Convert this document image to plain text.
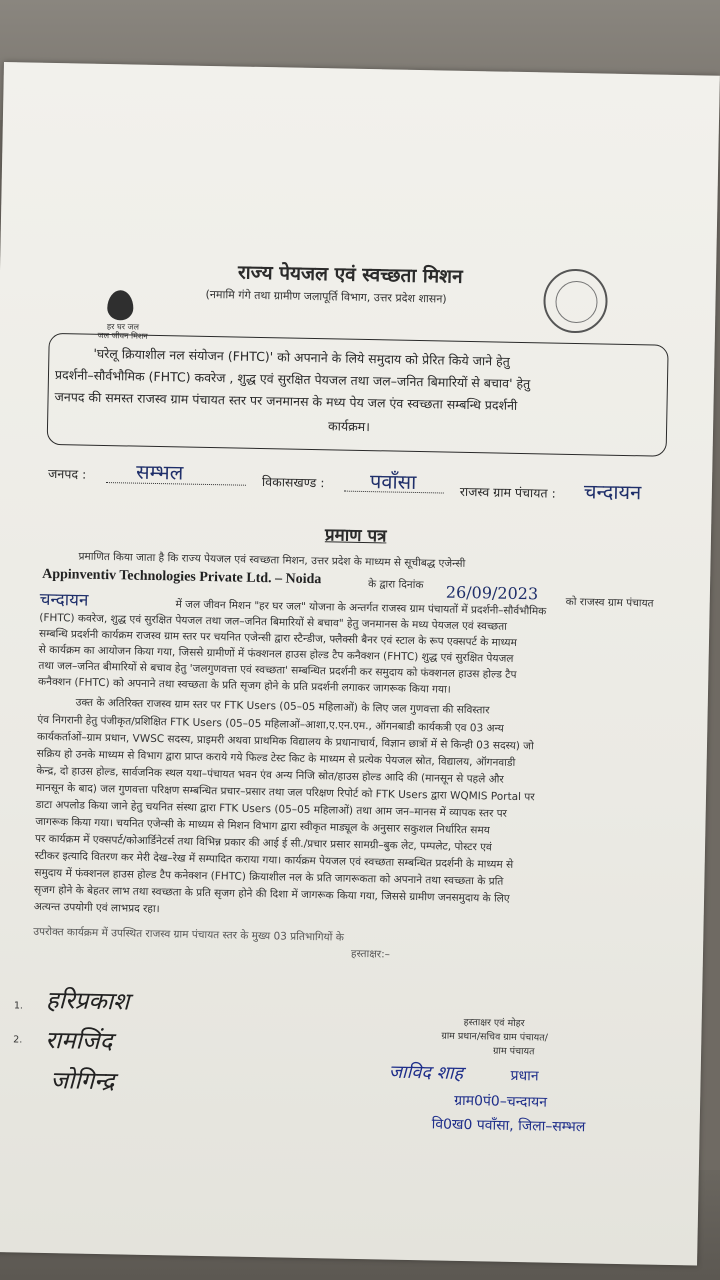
हर घर जल
जल जीवन मिशन
राज्य पेयजल एवं स्वच्छता मिशन
(नमामि गंगे तथा ग्रामीण जलापूर्ति विभाग, उत्तर प्रदेश शासन)
'घरेलू क्रियाशील नल संयोजन (FHTC)' को अपनाने के लिये समुदाय को प्रेरित किये जाने हेतु
प्रदर्शनी–सौर्वभौमिक (FHTC) कवरेज , शुद्ध एवं सुरक्षित पेयजल तथा जल–जनित बिमारियों से बचाव' हेतु
जनपद की समस्त राजस्व ग्राम पंचायत स्तर पर जनमानस के मध्य पेय जल एंव स्वच्छता सम्बन्धि प्रदर्शनी
कार्यक्रम।
जनपद : सम्भल	विकासखण्ड : पवाँसा	राजस्व ग्राम पंचायत : चन्दायन
प्रमाण पत्र
प्रमाणित किया जाता है कि राज्य पेयजल एवं स्वच्छता मिशन, उत्तर प्रदेश के माध्यम से सूचीबद्ध एजेन्सी
Appinventiv Technologies Private Ltd. – Noida	के द्वारा दिनांक 26/09/2023	को राजस्व ग्राम पंचायत
चन्दायन	में जल जीवन मिशन "हर घर जल" योजना के अन्तर्गत राजस्व ग्राम पंचायतों में प्रदर्शनी–सौर्वभौमिक
(FHTC) कवरेज, शुद्ध एवं सुरक्षित पेयजल तथा जल–जनित बिमारियों से बचाव" हेतु जनमानस के मध्य पेयजल एवं स्वच्छता
सम्बन्धि प्रदर्शनी कार्यक्रम राजस्व ग्राम स्तर पर चयनित एजेन्सी द्वारा स्टैन्डीज, फ्लैक्सी बैनर एवं स्टाल के रूप एक्सपर्ट के माध्यम
से कार्यक्रम का आयोजन किया गया, जिससे ग्रामीणों में फंक्शनल हाउस होल्ड टैप कनैक्शन (FHTC) शुद्ध एवं सुरक्षित पेयजल
तथा जल–जनित बीमारियों से बचाव हेतु 'जलगुणवत्ता एवं स्वच्छता' सम्बन्धित प्रदर्शनी कर समुदाय को फंक्शनल हाउस होल्ड टैप
कनैक्शन (FHTC) को अपनाने तथा स्वच्छता के प्रति सृजग होने के प्रति प्रदर्शनी लगाकर जागरूक किया गया।
उक्त के अतिरिक्त राजस्व ग्राम स्तर पर FTK Users (05–05 महिलाओं) के लिए जल गुणवत्ता की सविस्तार
एंव निगरानी हेतु पंजीकृत/प्रशिक्षित FTK Users (05–05 महिलाओं–आशा,ए.एन.एम., ऑगनबाडी कार्यकत्री एव 03 अन्य
कार्यकर्ताओं–ग्राम प्रधान, VWSC सदस्य, प्राइमरी अथवा प्राथमिक विद्यालय के प्रधानाचार्य, विज्ञान छात्रों में से किन्ही 03 सदस्य) जो
सक्रिय हो उनके माध्यम से विभाग द्वारा प्राप्त कराये गये फिल्ड टेस्ट किट के माध्यम से प्रत्येक पेयजल स्रोत, विद्यालय, ऑगनवाडी
केन्द्र, दो हाउस होल्ड, सार्वजनिक स्थल यथा–पंचायत भवन एंव अन्य निजि स्रोत/हाउस होल्ड आदि की (मानसून से पहले और
मानसून के बाद) जल गुणवत्ता परिक्षण सम्बन्धित प्रचार–प्रसार तथा जल परिक्षण रिपोर्ट को FTK Users द्वारा WQMIS Portal पर
डाटा अपलोड किया जाने हेतु चयनित संस्था द्वारा FTK Users (05–05 महिलाओं) तथा आम जन–मानस में व्यापक स्तर पर
जागरूक किया गया। चयनित एजेन्सी के माध्यम से मिशन विभाग द्वारा स्वीकृत माड्यूल के अनुसार सकुशल निर्धारित समय
पर कार्यक्रम में एक्सपर्ट/कोआर्डिनेटर्स तथा विभिन्न प्रकार की आई ई सी./प्रचार प्रसार सामग्री–बुक लेट, पम्पलेट, पोस्टर एवं
स्टीकर इत्यादि वितरण कर मेरी देख–रेख में सम्पादित कराया गया। कार्यक्रम पेयजल एवं स्वच्छता सम्बन्धित प्रदर्शनी के माध्यम से
समुदाय में फंक्शनल हाउस होल्ड टैप कनेक्शन (FHTC) क्रियाशील नल के प्रति जागरूकता को अपनाने तथा स्वच्छता के प्रति
सृजग होने के बेहतर लाभ तथा स्वच्छता के प्रति सृजग होने की दिशा में जागरूक किया गया, जिससे ग्रामीण जनसमुदाय के लिए
अत्यन्त उपयोगी एवं लाभप्रद रहा।
उपरोक्त कार्यक्रम में उपस्थित राजस्व ग्राम पंचायत स्तर के मुख्य 03 प्रतिभागियों के
हस्ताक्षर:–
1.
2.
हरिप्रकाश
रामजिंद
जोगिन्द्र
हस्ताक्षर एवं मोहर
ग्राम प्रधान/सचिव ग्राम पंचायत/
ग्राम पंचायत
जाविद शाह	प्रधान
ग्राम0पं0–चन्दायन
वि0ख0 पवाँसा, जिला–सम्भल
